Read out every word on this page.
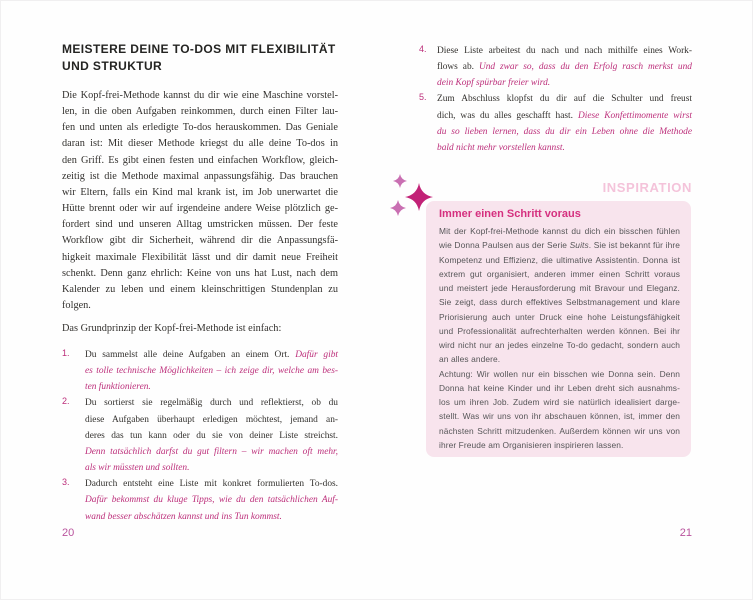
MEISTERE DEINE TO-DOS MIT FLEXIBILITÄT
UND STRUKTUR
Die Kopf-frei-Methode kannst du dir wie eine Maschine vorstel-
len, in die oben Aufgaben reinkommen, durch einen Filter lau-
fen und unten als erledigte To-dos herauskommen. Das Geniale
daran ist: Mit dieser Methode kriegst du alle deine To-dos in
den Griff. Es gibt einen festen und einfachen Workflow, gleich-
zeitig ist die Methode maximal anpassungsfähig. Das brauchen
wir Eltern, falls ein Kind mal krank ist, im Job unerwartet die
Hütte brennt oder wir auf irgendeine andere Weise plötzlich ge-
fordert sind und unseren Alltag umstricken müssen. Der feste
Workflow gibt dir Sicherheit, während dir die Anpassungsfä-
higkeit maximale Flexibilität lässt und dir damit neue Freiheit
schenkt. Denn ganz ehrlich: Keine von uns hat Lust, nach dem
Kalender zu leben und einem kleinschrittigen Stundenplan zu
folgen.
Das Grundprinzip der Kopf-frei-Methode ist einfach:
1. Du sammelst alle deine Aufgaben an einem Ort. Dafür gibt
es tolle technische Möglichkeiten – ich zeige dir, welche am bes-
ten funktionieren.
2. Du sortierst sie regelmäßig durch und reflektierst, ob du
diese Aufgaben überhaupt erledigen möchtest, jemand an-
deres das tun kann oder du sie von deiner Liste streichst.
Denn tatsächlich darfst du gut filtern – wir machen oft mehr,
als wir müssten und sollten.
3. Dadurch entsteht eine Liste mit konkret formulierten To-dos.
Dafür bekommst du kluge Tipps, wie du den tatsächlichen Auf-
wand besser abschätzen kannst und ins Tun kommst.
20
4. Diese Liste arbeitest du nach und nach mithilfe eines Work-
flows ab. Und zwar so, dass du den Erfolg rasch merkst und
dein Kopf spürbar freier wird.
5. Zum Abschluss klopfst du dir auf die Schulter und freust
dich, was du alles geschafft hast. Diese Konfettimomente wirst
du so lieben lernen, dass du dir ein Leben ohne die Methode
bald nicht mehr vorstellen kannst.
INSPIRATION
Immer einen Schritt voraus
Mit der Kopf-frei-Methode kannst du dich ein bisschen fühlen
wie Donna Paulsen aus der Serie Suits. Sie ist bekannt für ihre
Kompetenz und Effizienz, die ultimative Assistentin. Donna ist
extrem gut organisiert, anderen immer einen Schritt voraus
und meistert jede Herausforderung mit Bravour und Eleganz.
Sie zeigt, dass durch effektives Selbstmanagement und klare
Priorisierung auch unter Druck eine hohe Leistungsfähigkeit
und Professionalität aufrechterhalten werden können. Bei ihr
wird nicht nur an jedes einzelne To-do gedacht, sondern auch
an alles andere.
Achtung: Wir wollen nur ein bisschen wie Donna sein. Denn
Donna hat keine Kinder und ihr Leben dreht sich ausnahms-
los um ihren Job. Zudem wird sie natürlich idealisiert darge-
stellt. Was wir uns von ihr abschauen können, ist, immer den
nächsten Schritt mitzudenken. Außerdem können wir uns von
ihrer Freude am Organisieren inspirieren lassen.
21
